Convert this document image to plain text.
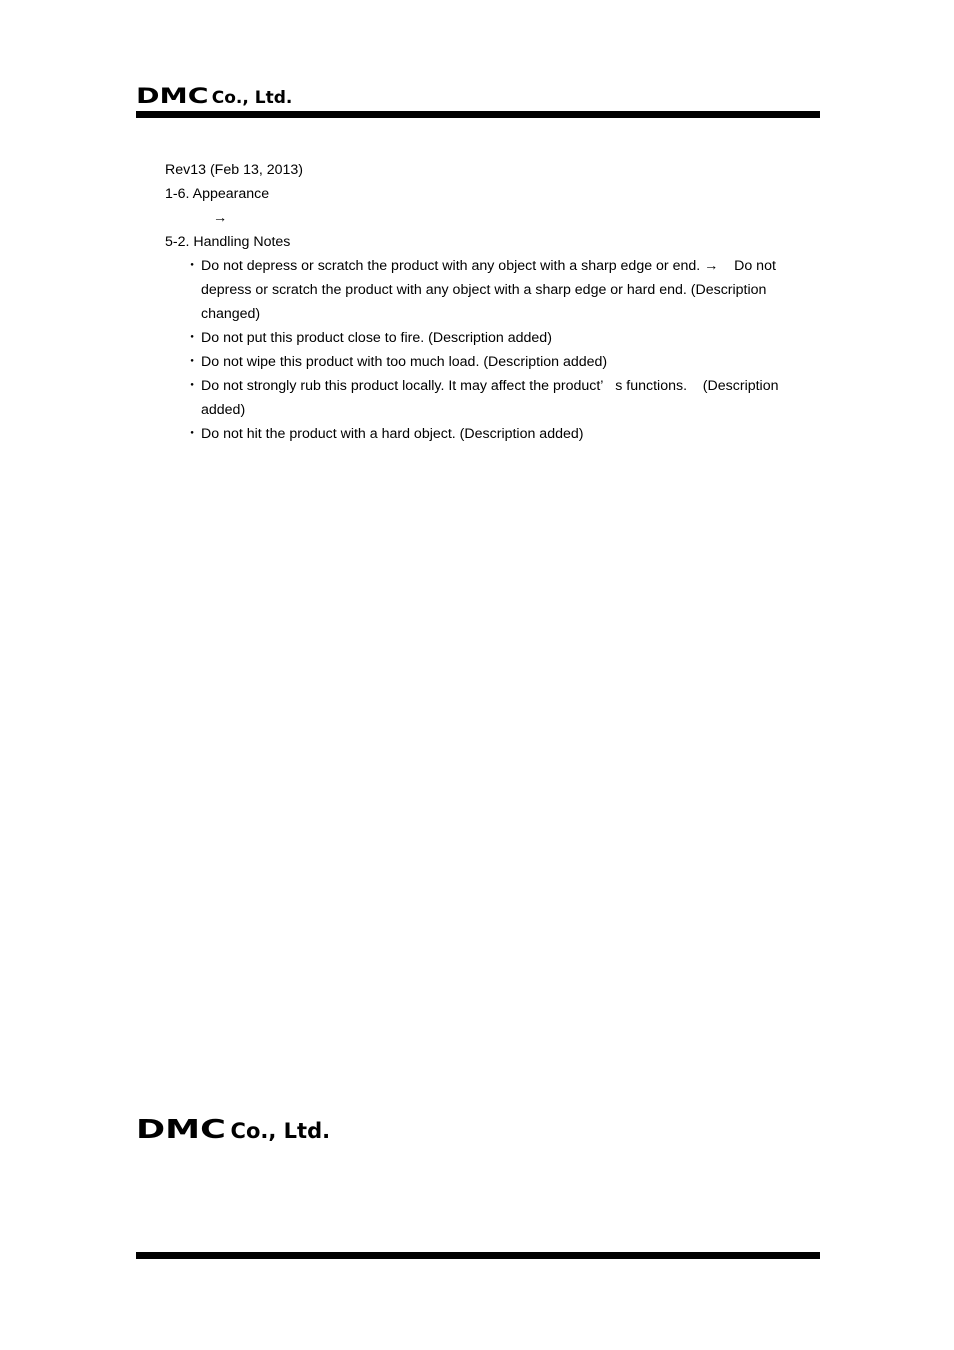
DMC Co., Ltd.
Rev13 (Feb 13, 2013)
1-6. Appearance
→
5-2. Handling Notes
・ Do not depress or scratch the product with any object with a sharp edge or end. →    Do not depress or scratch the product with any object with a sharp edge or hard end. (Description changed)
・ Do not put this product close to fire. (Description added)
・ Do not wipe this product with too much load. (Description added)
・ Do not strongly rub this product locally. It may affect the product’   s functions.    (Description added)
・ Do not hit the product with a hard object. (Description added)
DMC Co., Ltd.
